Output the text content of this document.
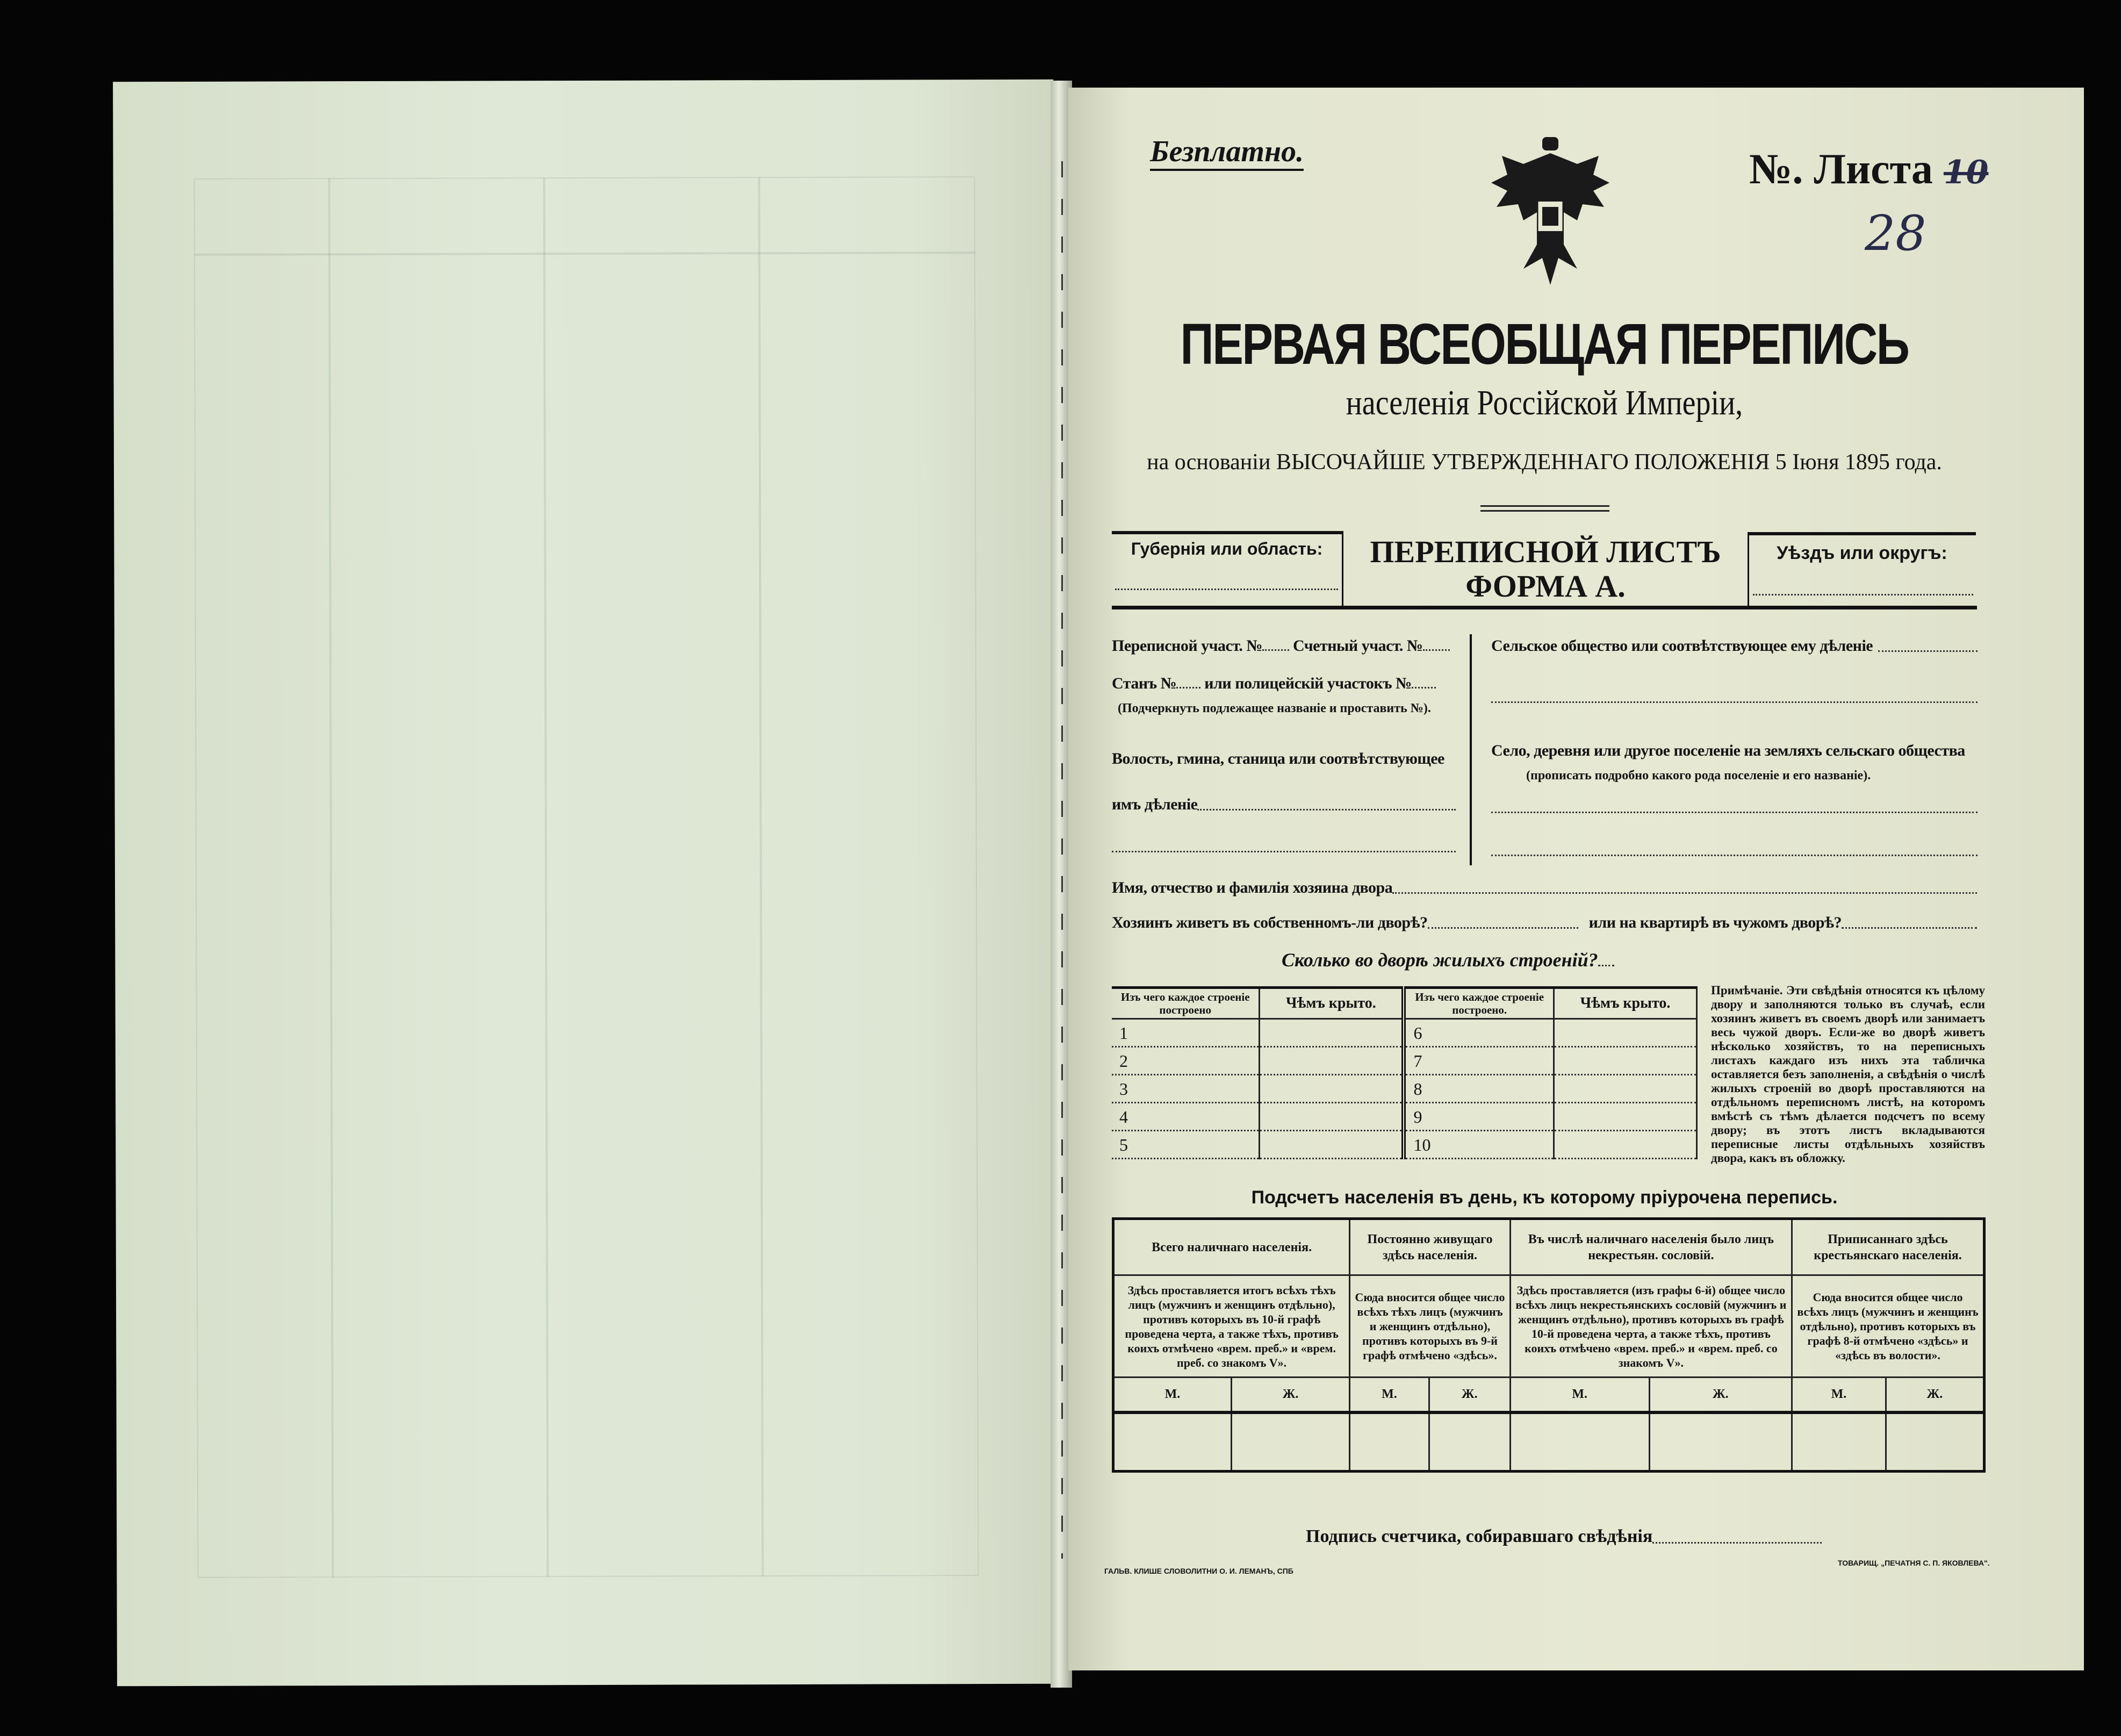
Безплатно.	№. Листа 10
28
ПЕРВАЯ ВСЕОБЩАЯ ПЕРЕПИСЬ
населенія Россійской Имперіи,
на основаніи ВЫСОЧАЙШЕ УТВЕРЖДЕННАГО ПОЛОЖЕНІЯ 5 Іюня 1895 года.
Губернія или область:	ПЕРЕПИСНОЙ ЛИСТЪ
ФОРМА А.
Уѣздъ или округъ:
Переписной участ. № Счетный участ. №
Станъ № или полицейскій участокъ №
(Подчеркнуть подлежащее названіе и проставить №).
Волость, гмина, станица или соотвѣтствующее
имъ дѣленіе
Сельское общество или соотвѣтствующее ему дѣленіе
Село, деревня или другое поселеніе на земляхъ сельскаго общества
(прописать подробно какого рода поселеніе и его названіе).
Имя, отчество и фамилія хозяина двора
Хозяинъ живетъ въ собственномъ-ли дворѣ?	или на квартирѣ въ чужомъ дворѣ?
Сколько во дворѣ жилыхъ строеній?
Изъ чего каждое строеніе построено	Чѣмъ крыто.	Изъ чего каждое строеніе построено.	Чѣмъ крыто.
1		6	
2		7	
3		8	
4		9	
5		10	
Примѣчаніе. Эти свѣдѣнія относятся къ цѣлому двору и заполняются только въ случаѣ, если хозяинъ живетъ въ своемъ дворѣ или занимаетъ весь чужой дворъ. Если-же во дворѣ живетъ нѣсколько хозяйствъ, то на переписныхъ листахъ каждаго изъ нихъ эта табличка оставляется безъ заполненія, а свѣдѣнія о числѣ жилыхъ строеній во дворѣ проставляются на отдѣльномъ переписномъ листѣ, на которомъ вмѣстѣ съ тѣмъ дѣлается подсчетъ по всему двору; въ этотъ листъ вкладываются переписные листы отдѣльныхъ хозяйствъ двора, какъ въ обложку.
Подсчетъ населенія въ день, къ которому пріурочена перепись.
Всего наличнаго населенія.		Постоянно живущаго здѣсь населенія.		Въ числѣ наличнаго населенія было лицъ некрестьян. сословій.		Приписаннаго здѣсь крестьянскаго населенія.	
Здѣсь проставляется итогъ всѣхъ тѣхъ лицъ (мужчинъ и женщинъ отдѣльно), противъ которыхъ въ 10-й графѣ проведена черта, а также тѣхъ, противъ коихъ отмѣчено «врем. преб.» и «врем. преб. со знакомъ V».		Сюда вносится общее число всѣхъ тѣхъ лицъ (мужчинъ и женщинъ отдѣльно), противъ которыхъ въ 9-й графѣ отмѣчено «здѣсь».		Здѣсь проставляется (изъ графы 6-й) общее число всѣхъ лицъ некрестьянскихъ сословій (мужчинъ и женщинъ отдѣльно), противъ которыхъ въ графѣ 10-й проведена черта, а также тѣхъ, противъ коихъ отмѣчено «врем. преб.» и «врем. преб. со знакомъ V».		Сюда вносится общее число всѣхъ лицъ (мужчинъ и женщинъ отдѣльно), противъ которыхъ въ графѣ 8-й отмѣчено «здѣсь» и «здѣсь въ волости».	
М.	Ж.	М.	Ж.	М.	Ж.	М.	Ж.

Подпись счетчика, собиравшаго свѣдѣнія
ГАЛЬВ. КЛИШЕ СЛОВОЛИТНИ О. И. ЛЕМАНЪ, СПБ
ТОВАРИЩ. „ПЕЧАТНЯ С. П. ЯКОВЛЕВА".
